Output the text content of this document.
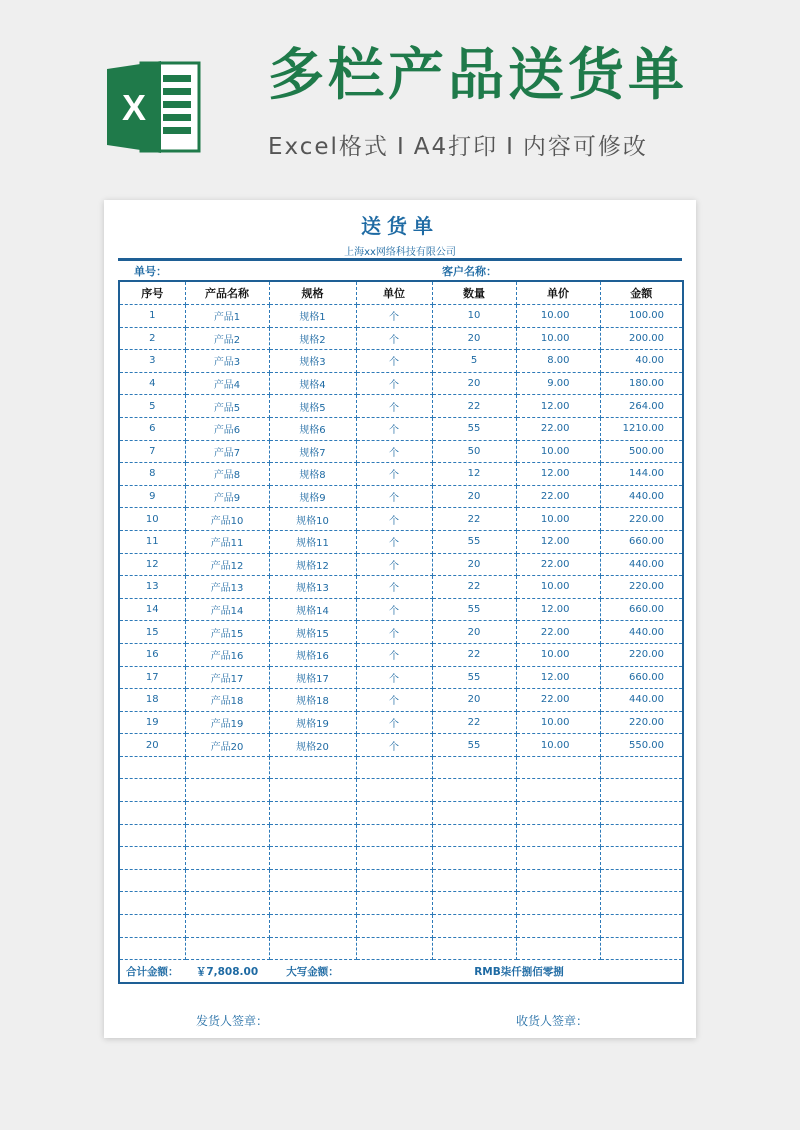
X 多栏产品送货单
Excel格式 I A4打印 I 内容可修改
送货单
上海xx网络科技有限公司
单号：	客户名称：
序号	产品名称	规格	单位	数量	单价	金额
1	产品1	规格1	个	10	10.00	100.00
2	产品2	规格2	个	20	10.00	200.00
3	产品3	规格3	个	5	8.00	40.00
4	产品4	规格4	个	20	9.00	180.00
5	产品5	规格5	个	22	12.00	264.00
6	产品6	规格6	个	55	22.00	1210.00
7	产品7	规格7	个	50	10.00	500.00
8	产品8	规格8	个	12	12.00	144.00
9	产品9	规格9	个	20	22.00	440.00
10	产品10	规格10	个	22	10.00	220.00
11	产品11	规格11	个	55	12.00	660.00
12	产品12	规格12	个	20	22.00	440.00
13	产品13	规格13	个	22	10.00	220.00
14	产品14	规格14	个	55	12.00	660.00
15	产品15	规格15	个	20	22.00	440.00
16	产品16	规格16	个	22	10.00	220.00
17	产品17	规格17	个	55	12.00	660.00
18	产品18	规格18	个	20	22.00	440.00
19	产品19	规格19	个	22	10.00	220.00
20	产品20	规格20	个	55	10.00	550.00

合计金额：	￥7,808.00	大写金额：	RMB柒仟捌佰零捌			
发货人签章：	收货人签章：
